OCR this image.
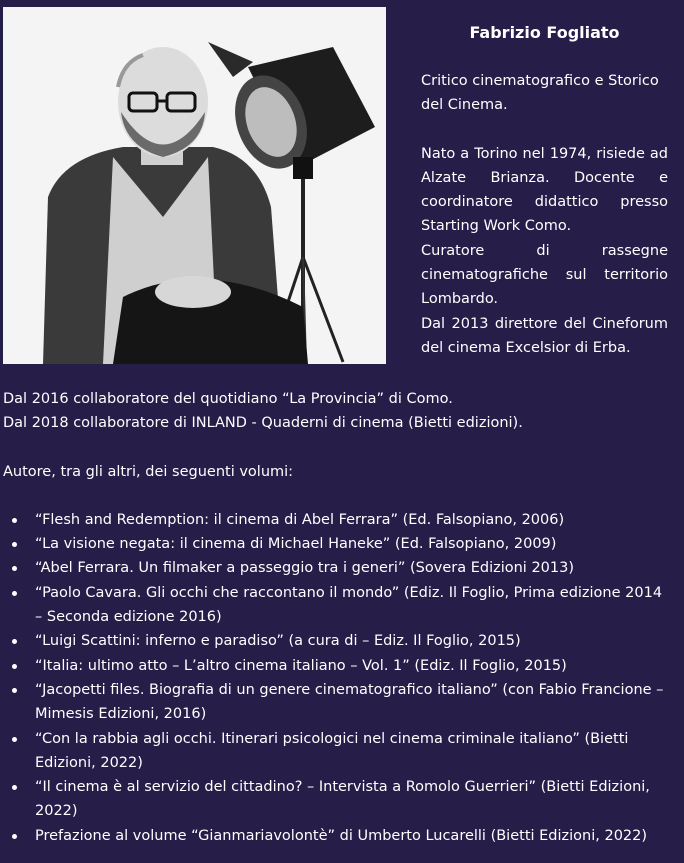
Fabrizio Fogliato

Critico cinematografico e Storico del Cinema.

Nato a Torino nel 1974, risiede ad Alzate Brianza. Docente e coordinatore didattico presso Starting Work Como.

Curatore di rassegne cinematografiche sul territorio Lombardo.

Dal 2013 direttore del Cineforum del cinema Excelsior di Erba.

Dal 2016 collaboratore del quotidiano “La Provincia” di Como.

Dal 2018 collaboratore di INLAND - Quaderni di cinema (Bietti edizioni).

Autore, tra gli altri, dei seguenti volumi:

“Flesh and Redemption: il cinema di Abel Ferrara” (Ed. Falsopiano, 2006)
“La visione negata: il cinema di Michael Haneke” (Ed. Falsopiano, 2009)
“Abel Ferrara. Un filmaker a passeggio tra i generi” (Sovera Edizioni 2013)
“Paolo Cavara. Gli occhi che raccontano il mondo” (Ediz. Il Foglio, Prima edizione 2014 – Seconda edizione 2016)
“Luigi Scattini: inferno e paradiso” (a cura di – Ediz. Il Foglio, 2015)
“Italia: ultimo atto – L’altro cinema italiano – Vol. 1” (Ediz. Il Foglio, 2015)
“Jacopetti files. Biografia di un genere cinematografico italiano” (con Fabio Francione – Mimesis Edizioni, 2016)
“Con la rabbia agli occhi. Itinerari psicologici nel cinema criminale italiano” (Bietti Edizioni, 2022)
“Il cinema è al servizio del cittadino? – Intervista a Romolo Guerrieri” (Bietti Edizioni, 2022)
Prefazione al volume “Gianmariavolontè” di Umberto Lucarelli (Bietti Edizioni, 2022)
